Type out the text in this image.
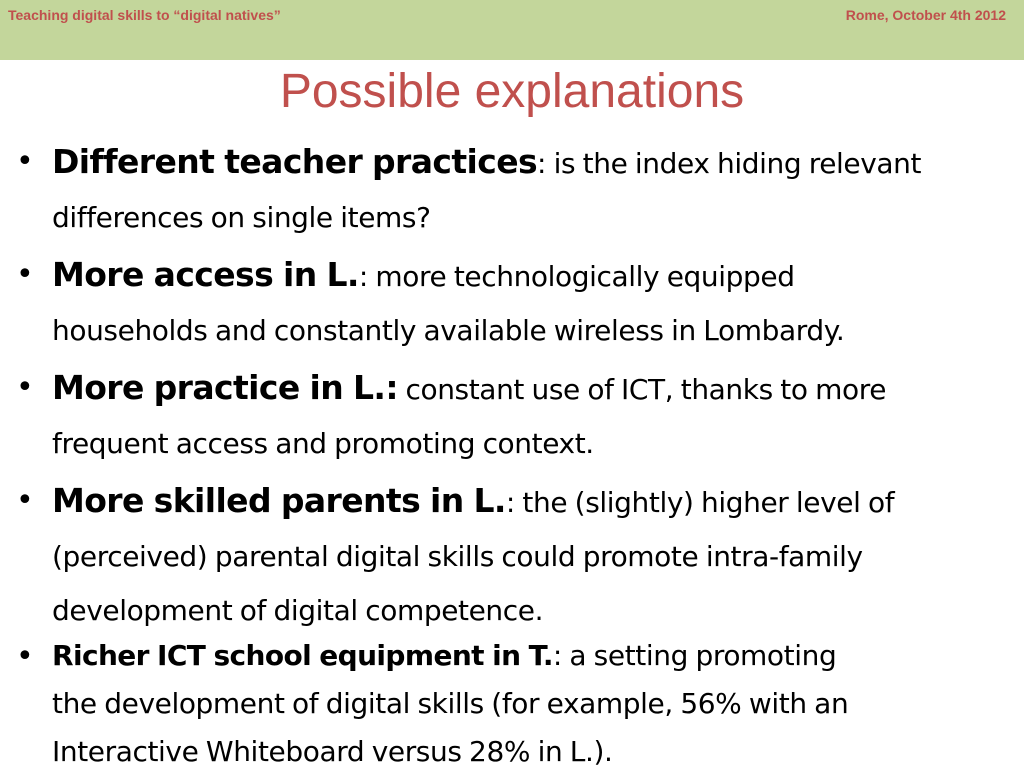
Teaching digital skills to “digital natives”	Rome, October 4th 2012
Possible explanations
• Different teacher practices: is the index hiding relevant
differences on single items?
• More access in L.: more technologically equipped
households and constantly available wireless in Lombardy.
• More practice in L.: constant use of ICT, thanks to more
frequent access and promoting context.
• More skilled parents in L.: the (slightly) higher level of
(perceived) parental digital skills could promote intra-family
development of digital competence.
• Richer ICT school equipment in T.: a setting promoting
the development of digital skills (for example, 56% with an
Interactive Whiteboard versus 28% in L.).
